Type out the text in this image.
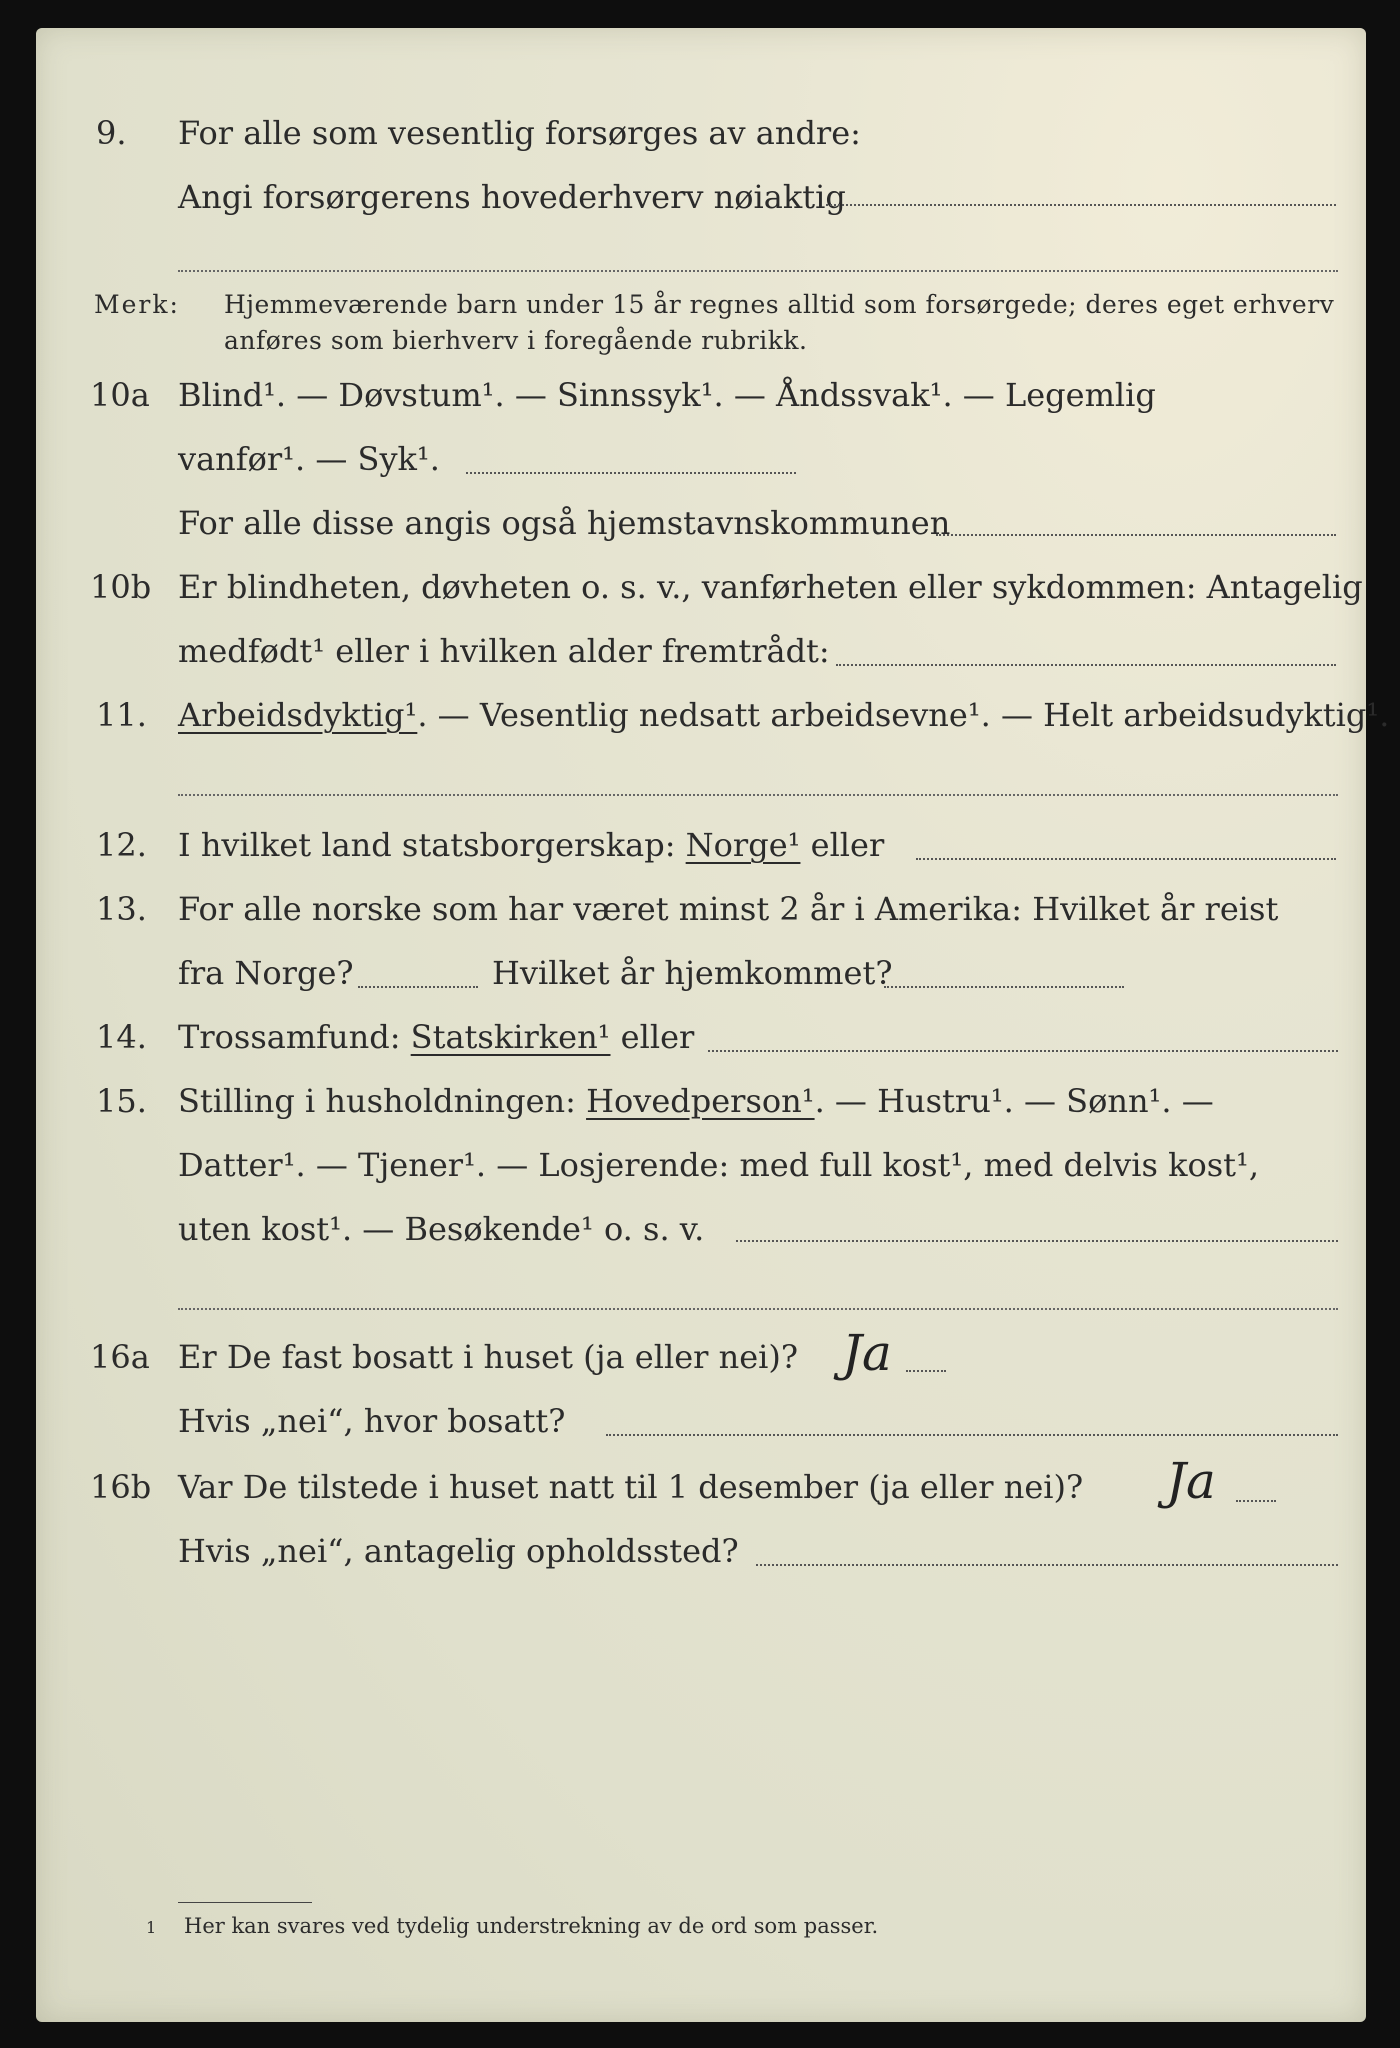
9.	For alle som vesentlig forsørges av andre:
Angi forsørgerens hovederhverv nøiaktig
Merk: Hjemmeværende barn under 15 år regnes alltid som forsørgede; deres eget erhverv
anføres som bierhverv i foregående rubrikk.
10a Blind¹. — Døvstum¹. — Sinnssyk¹. — Åndssvak¹. — Legemlig
vanfør¹. — Syk¹.
For alle disse angis også hjemstavnskommunen
10b Er blindheten, døvheten o. s. v., vanførheten eller sykdommen: Antagelig
medfødt¹ eller i hvilken alder fremtrådt:
11. Arbeidsdyktig¹. — Vesentlig nedsatt arbeidsevne¹. — Helt arbeidsudyktig¹.
12. I hvilket land statsborgerskap: Norge¹ eller
13. For alle norske som har været minst 2 år i Amerika: Hvilket år reist
fra Norge?	Hvilket år hjemkommet?
14. Trossamfund: Statskirken¹ eller
15. Stilling i husholdningen: Hovedperson¹. — Hustru¹. — Sønn¹. —
Datter¹. — Tjener¹. — Losjerende: med full kost¹, med delvis kost¹,
uten kost¹. — Besøkende¹ o. s. v.
16a Er De fast bosatt i huset (ja eller nei)? Ja
Hvis „nei“, hvor bosatt?
16b Var De tilstede i huset natt til 1 desember (ja eller nei)? Ja
Hvis „nei“, antagelig opholdssted?
1 Her kan svares ved tydelig understrekning av de ord som passer.
